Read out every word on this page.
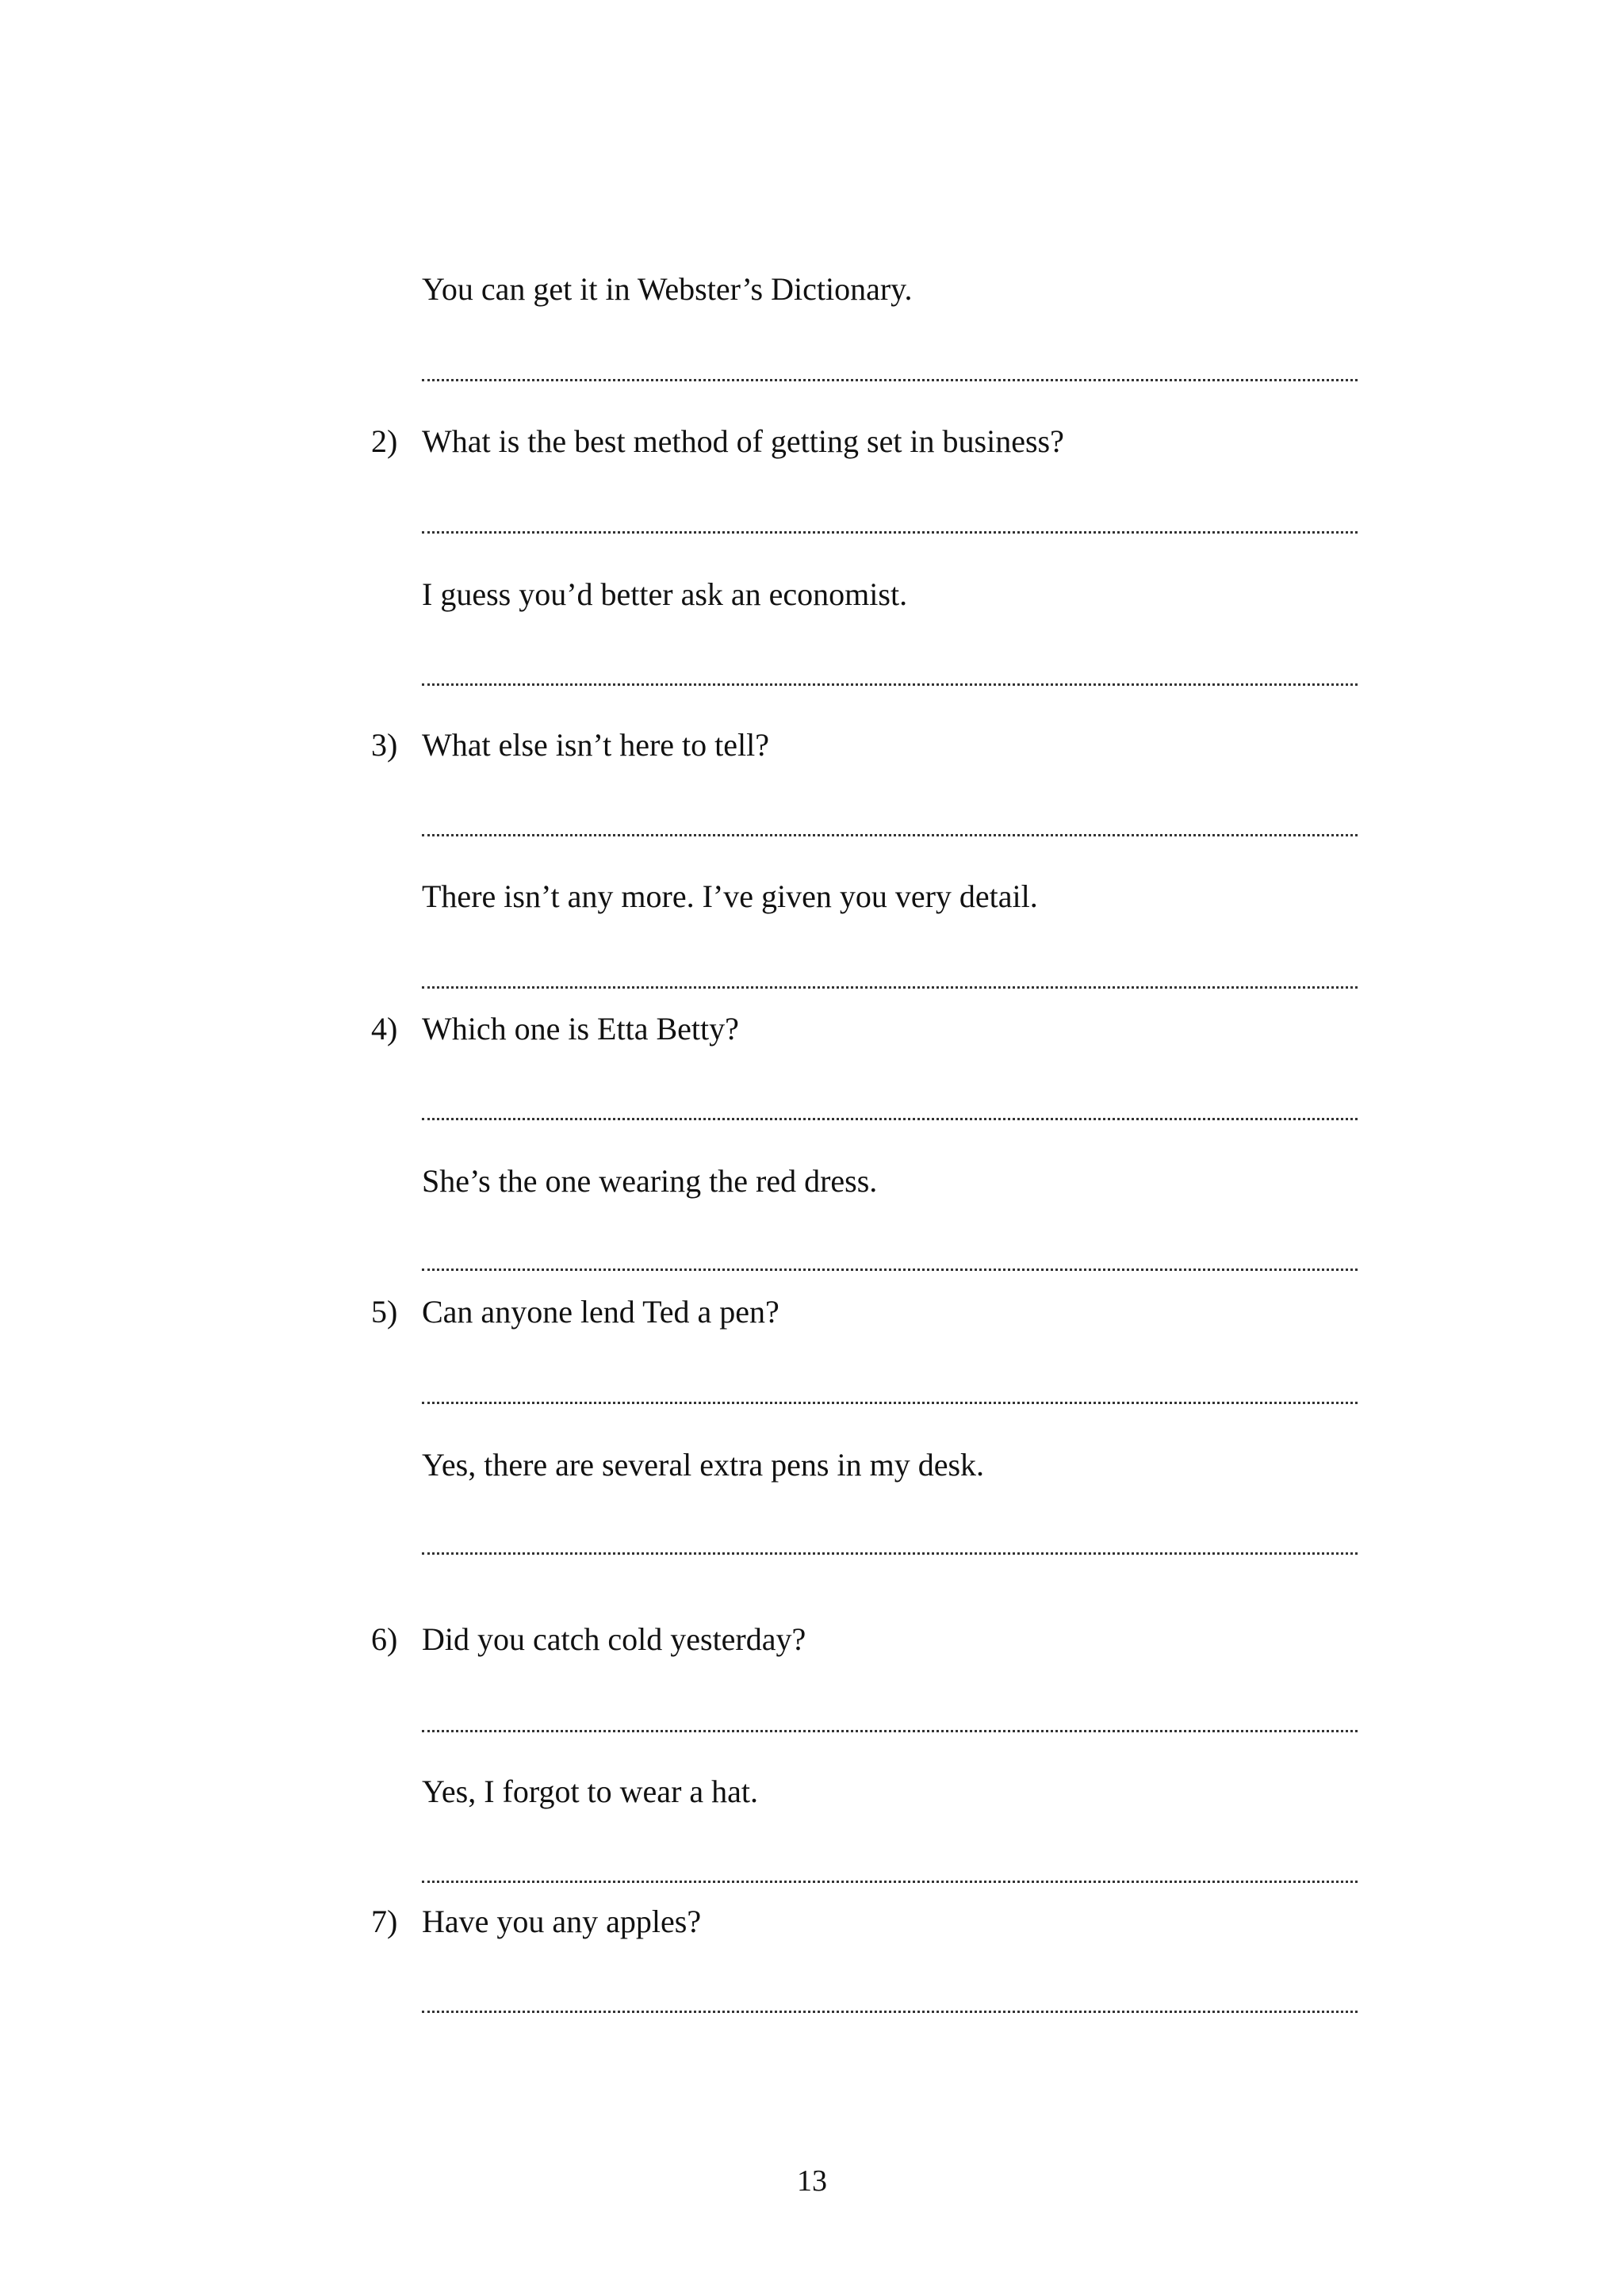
You can get it in Webster’s Dictionary.
2) What is the best method of getting set in business?
I guess you’d better ask an economist.
3) What else isn’t here to tell?
There isn’t any more. I’ve given you very detail.
4) Which one is Etta Betty?
She’s the one wearing the red dress.
5) Can anyone lend Ted a pen?
Yes, there are several extra pens in my desk.
6) Did you catch cold yesterday?
Yes, I forgot to wear a hat.
7) Have you any apples?
13
